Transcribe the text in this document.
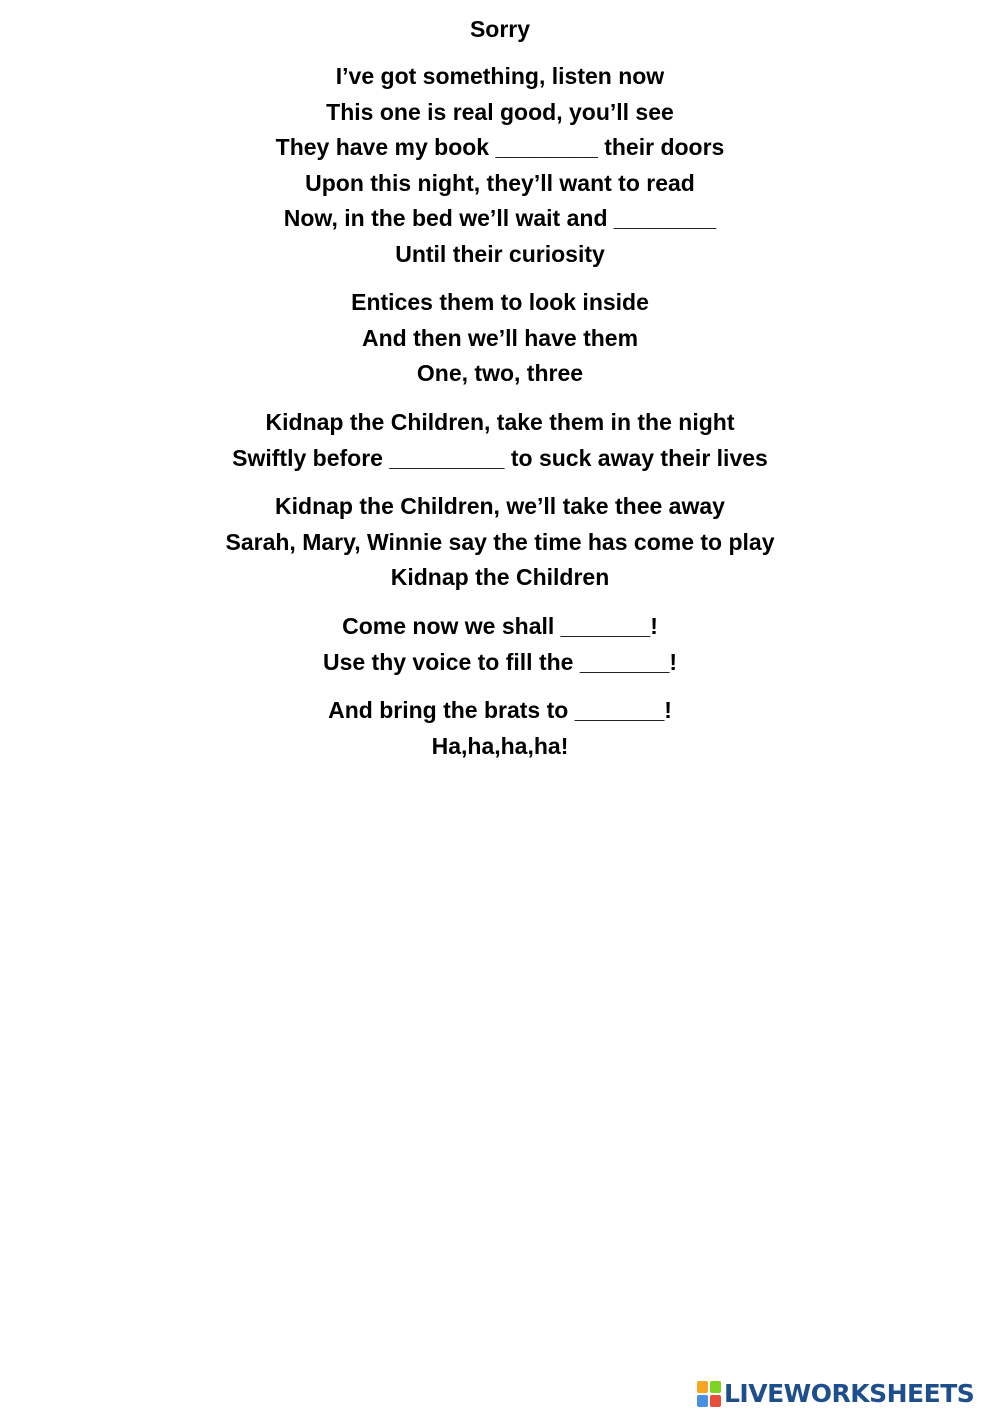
Sorry
I’ve got something, listen now
This one is real good, you’ll see
They have my book ________ their doors
Upon this night, they’ll want to read
Now, in the bed we’ll wait and ________
Until their curiosity
Entices them to look inside
And then we’ll have them
One, two, three
Kidnap the Children, take them in the night
Swiftly before _________ to suck away their lives
Kidnap the Children, we’ll take thee away
Sarah, Mary, Winnie say the time has come to play
Kidnap the Children
Come now we shall _______!
Use thy voice to fill the _______!
And bring the brats to _______!
Ha,ha,ha,ha!
LIVEWORKSHEETS
